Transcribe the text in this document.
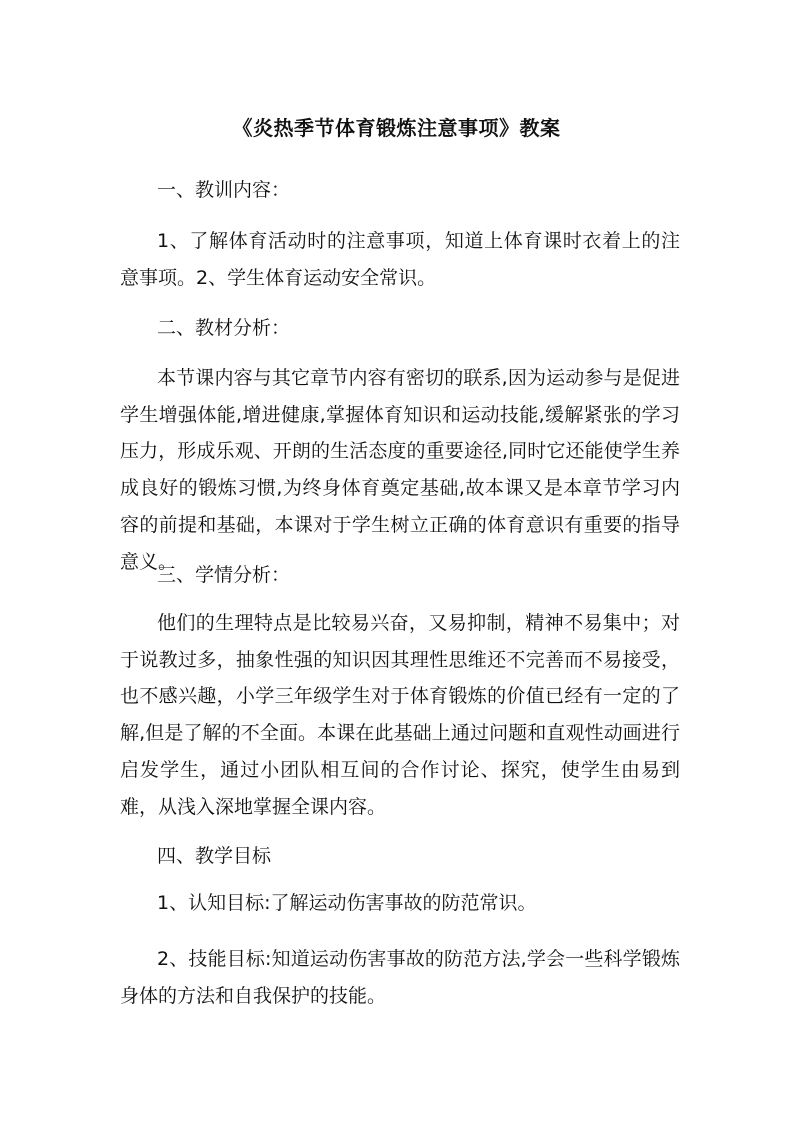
《炎热季节体育锻炼注意事项》教案
一、教训内容：

1、了解体育活动时的注意事项，知道上体育课时衣着上的注意事项。2、学生体育运动安全常识。

二、教材分析：

本节课内容与其它章节内容有密切的联系,因为运动参与是促进学生增强体能,增进健康,掌握体育知识和运动技能,缓解紧张的学习压力，形成乐观、开朗的生活态度的重要途径,同时它还能使学生养成良好的锻炼习惯,为终身体育奠定基础,故本课又是本章节学习内容的前提和基础，本课对于学生树立正确的体育意识有重要的指导意义。

三、学情分析：

他们的生理特点是比较易兴奋，又易抑制，精神不易集中；对于说教过多，抽象性强的知识因其理性思维还不完善而不易接受，也不感兴趣，小学三年级学生对于体育锻炼的价值已经有一定的了解,但是了解的不全面。本课在此基础上通过问题和直观性动画进行启发学生，通过小团队相互间的合作讨论、探究，使学生由易到难，从浅入深地掌握全课内容。

四、教学目标

1、认知目标:了解运动伤害事故的防范常识。

2、技能目标:知道运动伤害事故的防范方法,学会一些科学锻炼身体的方法和自我保护的技能。
